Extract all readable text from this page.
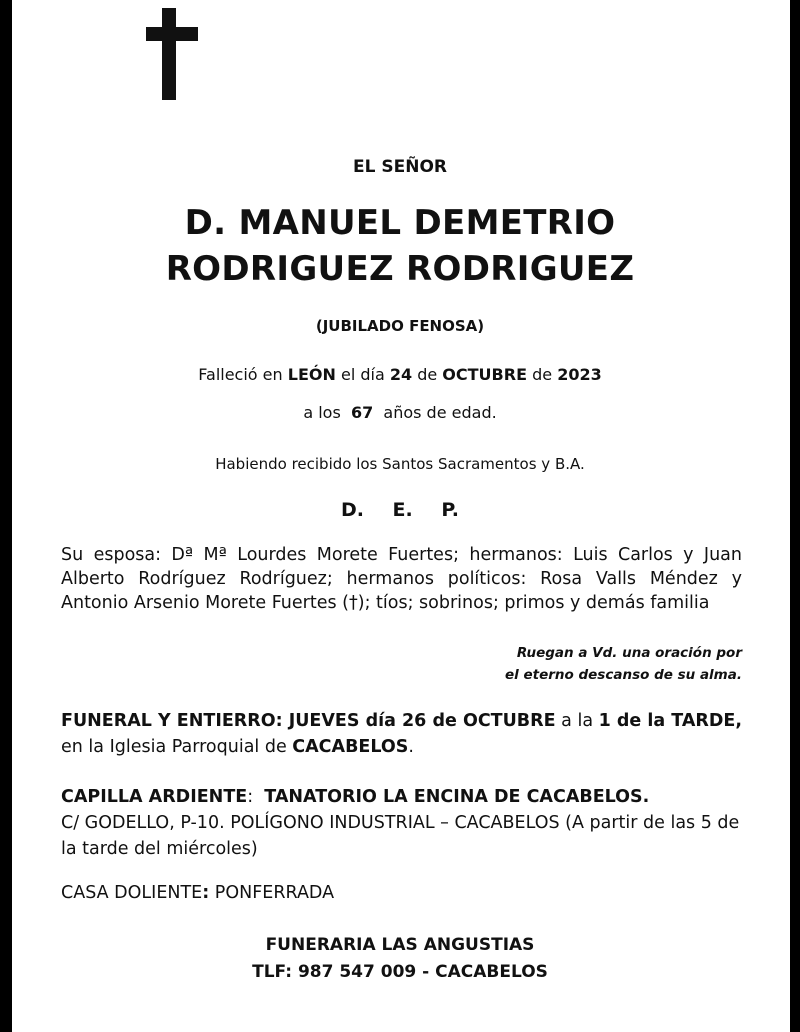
EL SEÑOR
D. MANUEL DEMETRIO
RODRIGUEZ RODRIGUEZ
(JUBILADO FENOSA)
Falleció en LEÓN el día 24 de OCTUBRE de 2023
a los 67 años de edad.
Habiendo recibido los Santos Sacramentos y B.A.
D. E. P.

Su esposa: Dª Mª Lourdes Morete Fuertes; hermanos: Luis Carlos y Juan Alberto Rodríguez Rodríguez; hermanos políticos: Rosa Valls Méndez y Antonio Arsenio Morete Fuertes (†); tíos; sobrinos; primos y demás familia

Ruegan a Vd. una oración por
el eterno descanso de su alma.
FUNERAL Y ENTIERRO: JUEVES día 26 de OCTUBRE a la 1 de la TARDE,
en la Iglesia Parroquial de CACABELOS.
CAPILLA ARDIENTE: TANATORIO LA ENCINA DE CACABELOS.
C/ GODELLO, P-10. POLÍGONO INDUSTRIAL – CACABELOS (A partir de las 5 de la tarde del miércoles)
CASA DOLIENTE: PONFERRADA
FUNERARIA LAS ANGUSTIAS
TLF: 987 547 009 - CACABELOS
